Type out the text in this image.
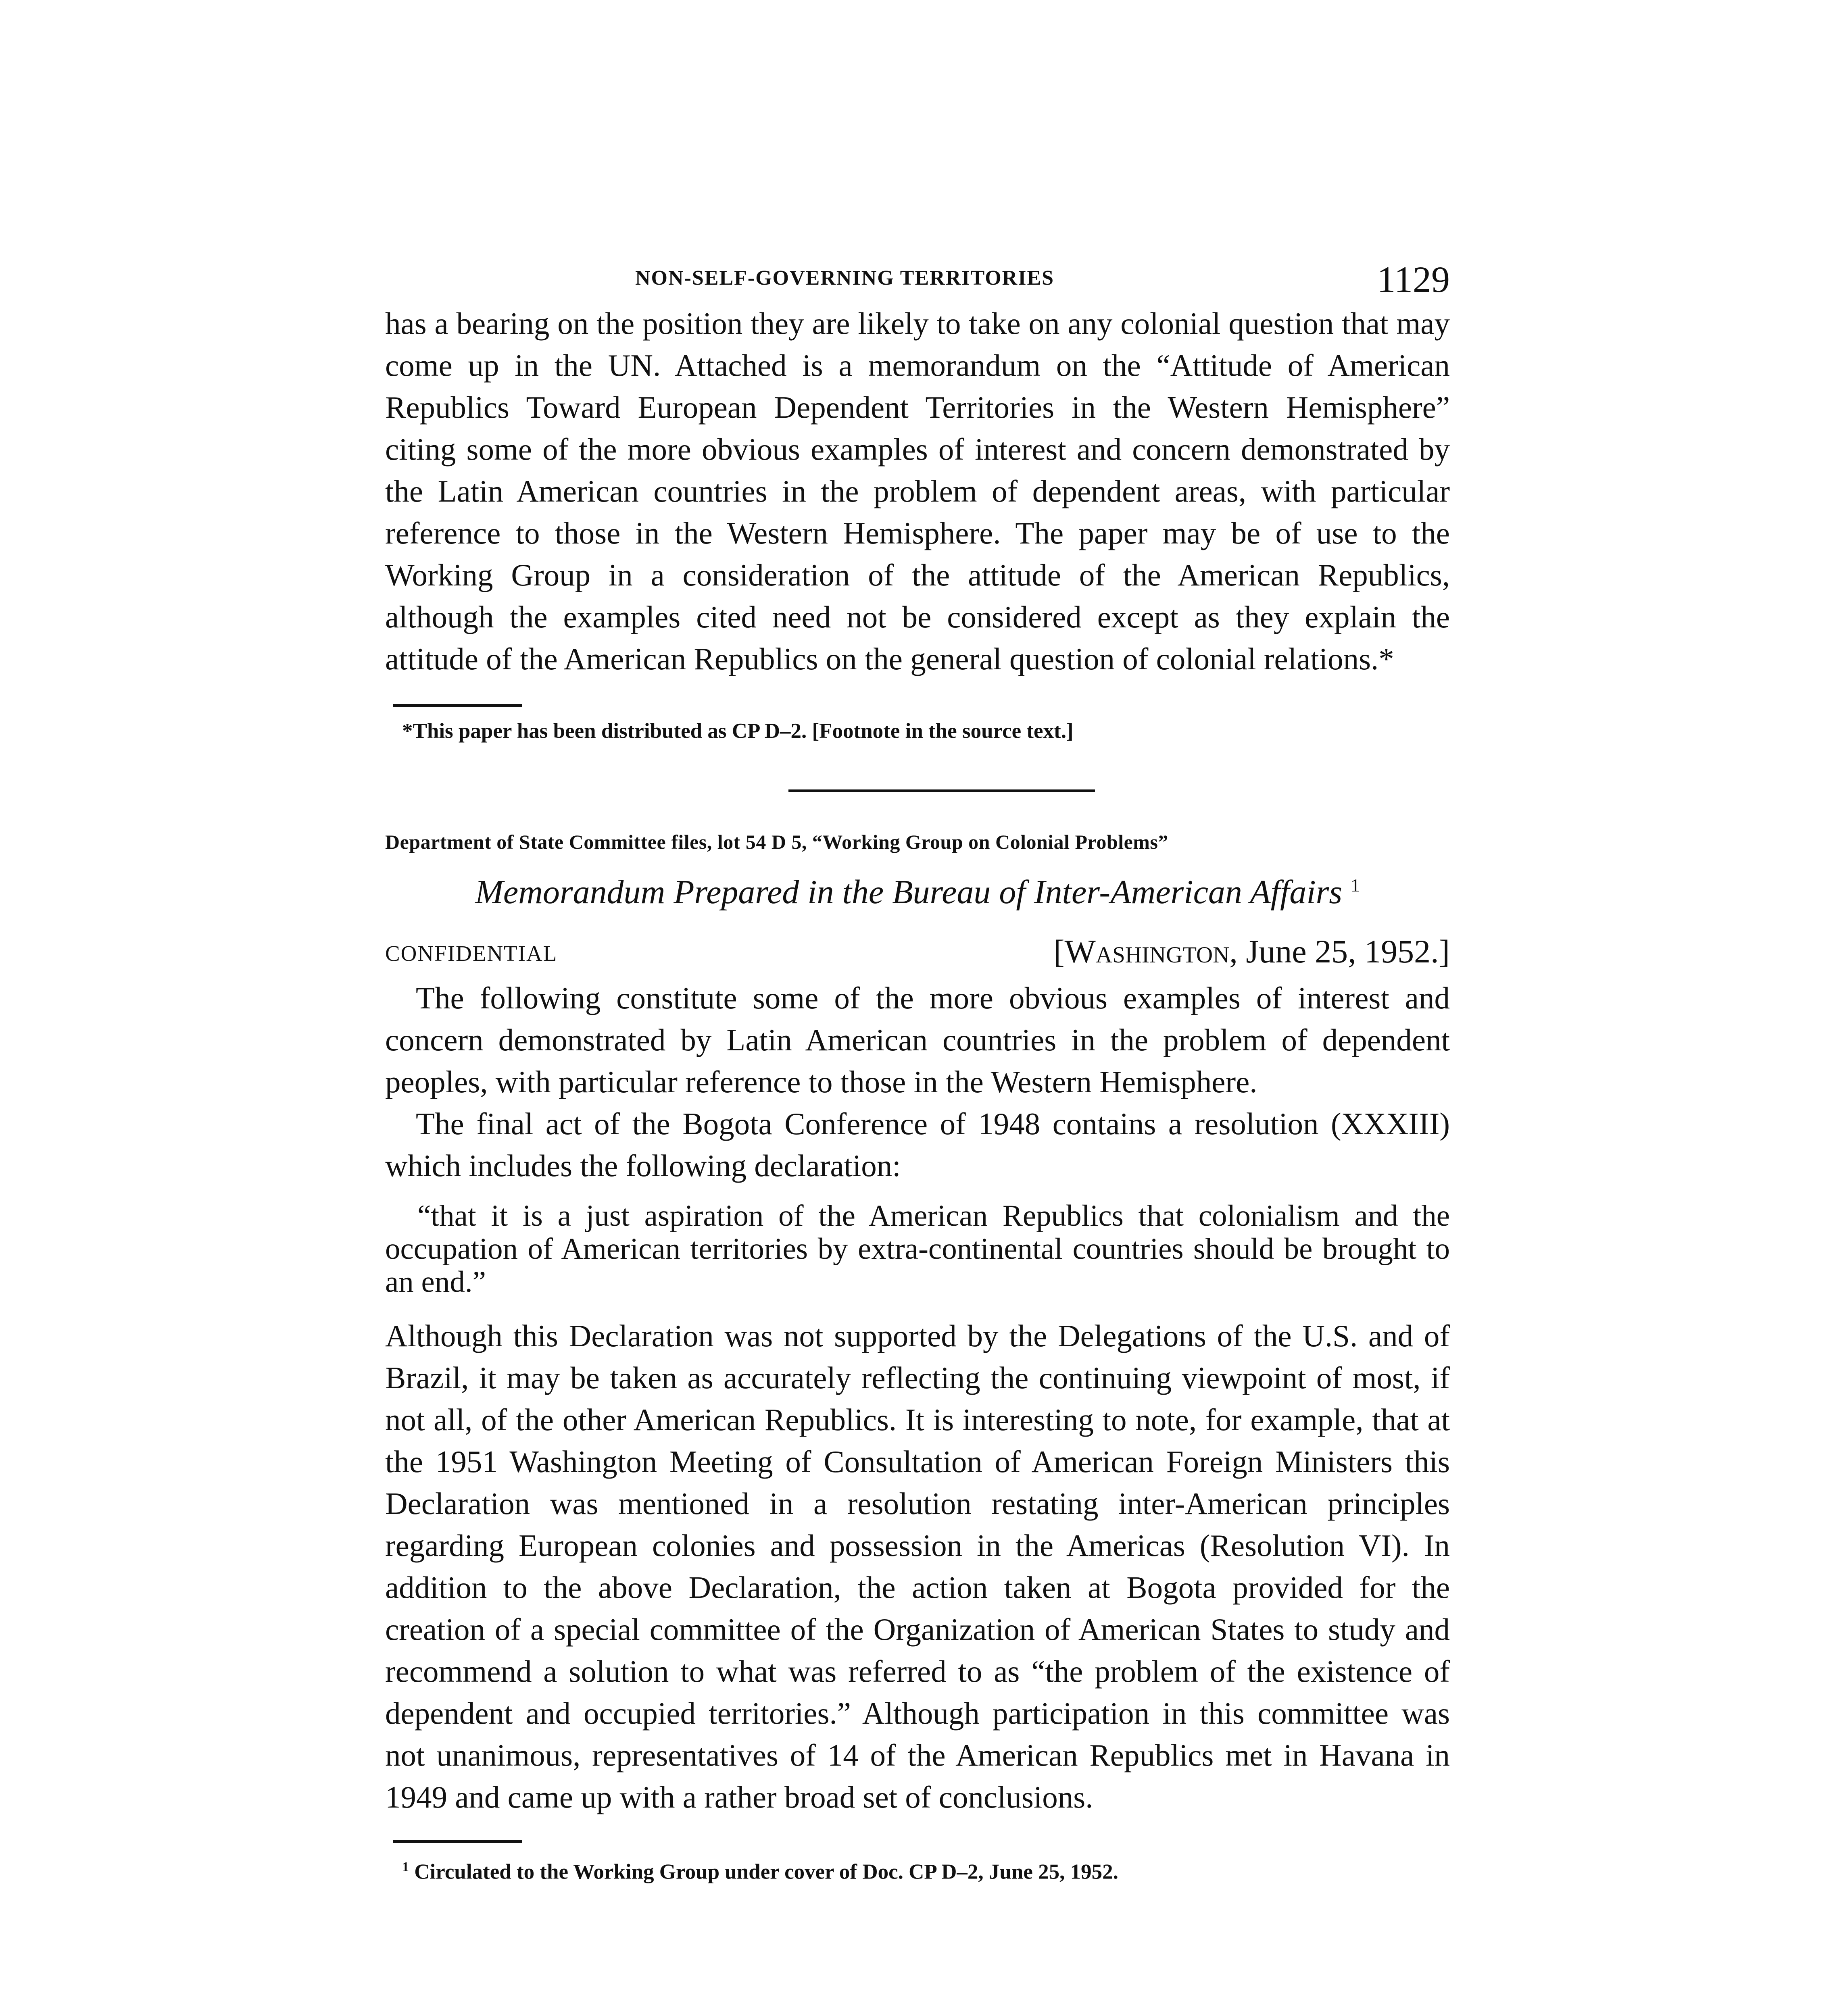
NON-SELF-GOVERNING TERRITORIES	1129

has a bearing on the position they are likely to take on any colonial question that may come up in the UN. Attached is a memorandum on the “Attitude of American Republics Toward European Dependent Territories in the Western Hemisphere” citing some of the more obvious examples of interest and concern demonstrated by the Latin American countries in the problem of dependent areas, with particular reference to those in the Western Hemisphere. The paper may be of use to the Working Group in a consideration of the attitude of the American Republics, although the examples cited need not be considered except as they explain the attitude of the American Republics on the general question of colonial relations.*

*This paper has been distributed as CP D–2. [Footnote in the source text.]

Department of State Committee files, lot 54 D 5, “Working Group on Colonial Problems”

Memorandum Prepared in the Bureau of Inter-American Affairs $^1$

CONFIDENTIAL	[Washington, June 25, 1952.]

The following constitute some of the more obvious examples of interest and concern demonstrated by Latin American countries in the problem of dependent peoples, with particular reference to those in the Western Hemisphere.

The final act of the Bogota Conference of 1948 contains a resolution (XXXIII) which includes the following declaration:

“that it is a just aspiration of the American Republics that colonialism and the occupation of American territories by extra-continental countries should be brought to an end.”

Although this Declaration was not supported by the Delegations of the U.S. and of Brazil, it may be taken as accurately reflecting the continuing viewpoint of most, if not all, of the other American Republics. It is interesting to note, for example, that at the 1951 Washington Meeting of Consultation of American Foreign Ministers this Declaration was mentioned in a resolution restating inter-American principles regarding European colonies and possession in the Americas (Resolution VI). In addition to the above Declaration, the action taken at Bogota provided for the creation of a special committee of the Organization of American States to study and recommend a solution to what was referred to as “the problem of the existence of dependent and occupied territories.” Although participation in this committee was not unanimous, representatives of 14 of the American Republics met in Havana in 1949 and came up with a rather broad set of conclusions.

$^1$ Circulated to the Working Group under cover of Doc. CP D–2, June 25, 1952.
